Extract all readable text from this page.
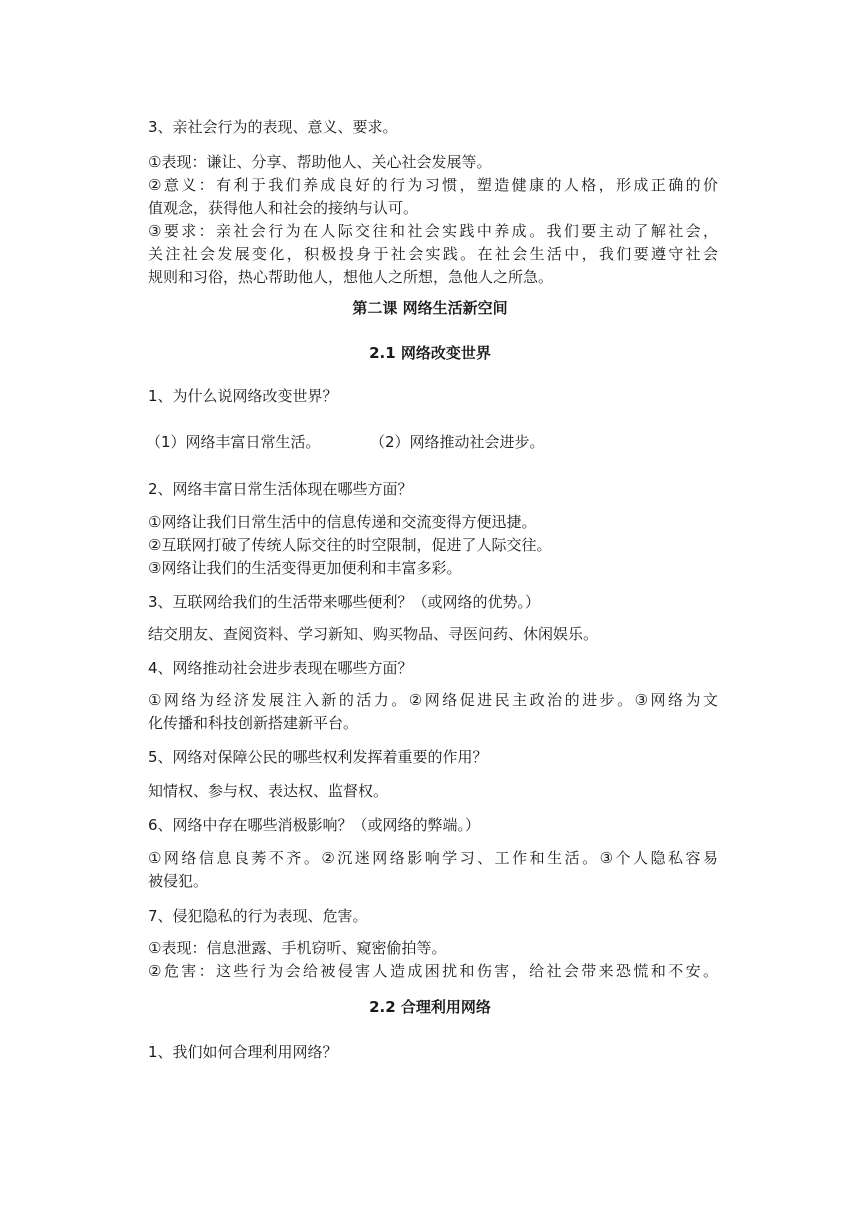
3、亲社会行为的表现、意义、要求。
①表现：谦让、分享、帮助他人、关心社会发展等。
②意义：有利于我们养成良好的行为习惯，塑造健康的人格，形成正确的价
值观念，获得他人和社会的接纳与认可。
③要求：亲社会行为在人际交往和社会实践中养成。我们要主动了解社会，
关注社会发展变化，积极投身于社会实践。在社会生活中，我们要遵守社会
规则和习俗，热心帮助他人，想他人之所想，急他人之所急。
第二课 网络生活新空间
2.1 网络改变世界
1、为什么说网络改变世界？
（1）网络丰富日常生活。	（2）网络推动社会进步。
2、网络丰富日常生活体现在哪些方面？
①网络让我们日常生活中的信息传递和交流变得方便迅捷。
②互联网打破了传统人际交往的时空限制，促进了人际交往。
③网络让我们的生活变得更加便利和丰富多彩。
3、互联网给我们的生活带来哪些便利？（或网络的优势。）
结交朋友、查阅资料、学习新知、购买物品、寻医问药、休闲娱乐。
4、网络推动社会进步表现在哪些方面？
①网络为经济发展注入新的活力。②网络促进民主政治的进步。③网络为文
化传播和科技创新搭建新平台。
5、网络对保障公民的哪些权利发挥着重要的作用？
知情权、参与权、表达权、监督权。
6、网络中存在哪些消极影响？（或网络的弊端。）
①网络信息良莠不齐。②沉迷网络影响学习、工作和生活。③个人隐私容易
被侵犯。
7、侵犯隐私的行为表现、危害。
①表现：信息泄露、手机窃听、窥密偷拍等。
②危害：这些行为会给被侵害人造成困扰和伤害，给社会带来恐慌和不安。
2.2 合理利用网络
1、我们如何合理利用网络？
